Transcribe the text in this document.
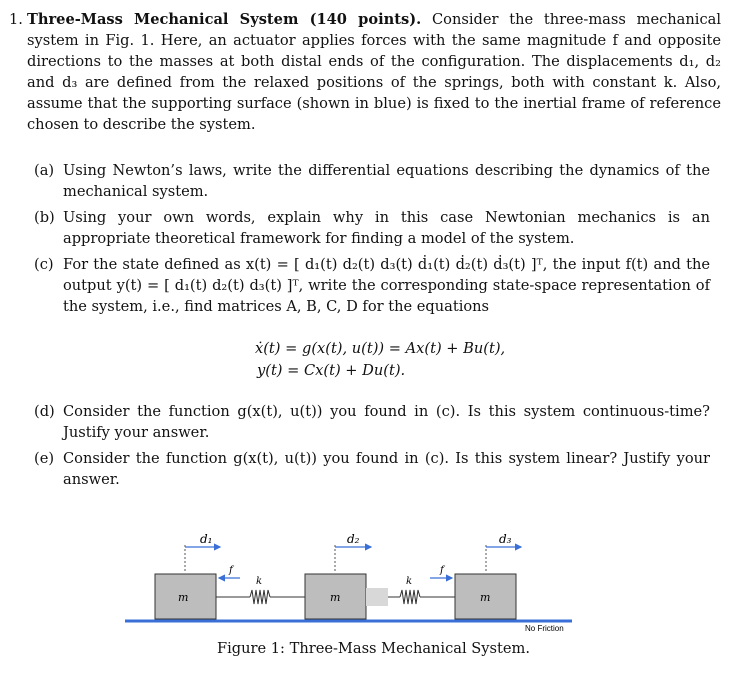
1. Three-Mass Mechanical System (140 points). Consider the three-mass mechanical system in Fig. 1. Here, an actuator applies forces with the same magnitude f and opposite directions to the masses at both distal ends of the configuration. The displacements d₁, d₂ and d₃ are defined from the relaxed positions of the springs, both with constant k. Also, assume that the supporting surface (shown in blue) is fixed to the inertial frame of reference chosen to describe the system.
(a) Using Newton’s laws, write the differential equations describing the dynamics of the mechanical system.
(b) Using your own words, explain why in this case Newtonian mechanics is an appropriate theoretical framework for finding a model of the system.
(c) For the state defined as x(t) = [ d₁(t) d₂(t) d₃(t) ḋ₁(t) ḋ₂(t) ḋ₃(t) ]ᵀ, the input f(t) and the output y(t) = [ d₁(t) d₂(t) d₃(t) ]ᵀ, write the corresponding state-space representation of the system, i.e., find matrices A, B, C, D for the equations
ẋ(t) = g(x(t), u(t)) = Ax(t) + Bu(t),
y(t) = Cx(t) + Du(t).
(d) Consider the function g(x(t), u(t)) you found in (c). Is this system continuous-time? Justify your answer.
(e) Consider the function g(x(t), u(t)) you found in (c). Is this system linear? Justify your answer.
d₁	d₂	d₃
m	m	m
k	k
f	f
No Friction
Figure 1: Three-Mass Mechanical System.
